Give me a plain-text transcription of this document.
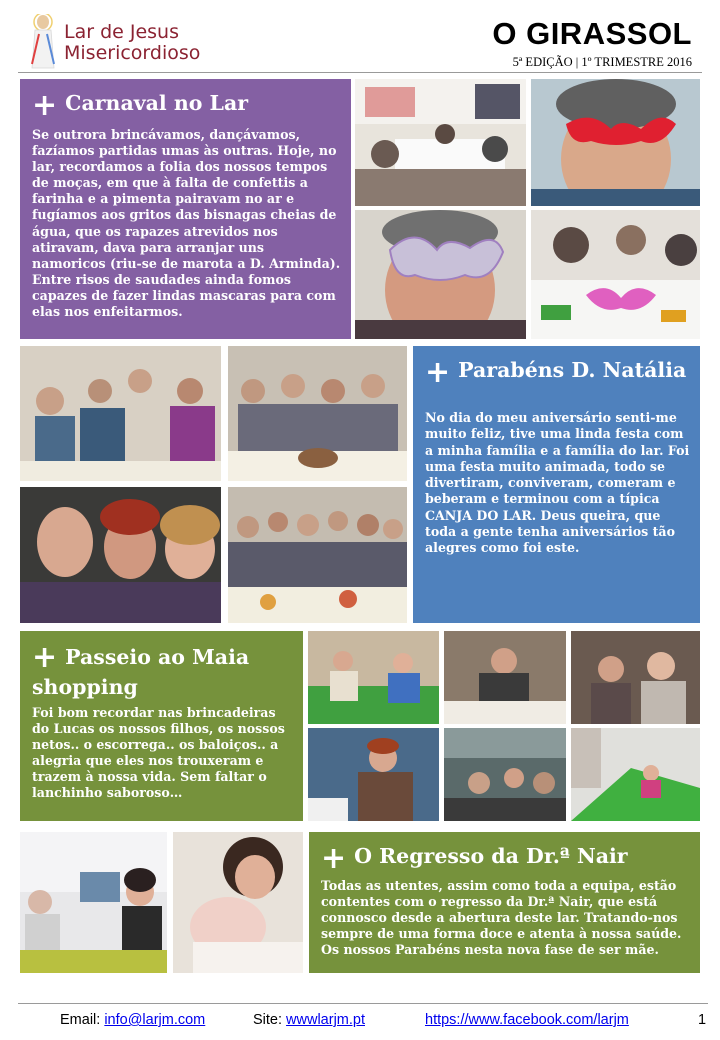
Lar de Jesus
Misericordioso
O GIRASSOL
5ª EDIÇÃO | 1º TRIMESTRE 2016
+ Carnaval no Lar
Se outrora brincávamos, dançávamos, fazíamos partidas umas às outras. Hoje, no lar, recordamos a folia dos nossos tempos de moças, em que à falta de confettis a farinha e a pimenta pairavam no ar e fugíamos aos gritos das bisnagas cheias de água, que os rapazes atrevidos nos atiravam, dava para arranjar uns namoricos (riu-se de marota a D. Arminda). Entre risos de saudades ainda fomos capazes de fazer lindas mascaras para com elas nos enfeitarmos.
+ Parabéns D. Natália
No dia do meu aniversário senti-me muito feliz, tive uma linda festa com a minha família e a família do lar. Foi uma festa muito animada, todo se divertiram, conviveram, comeram e beberam e terminou com a típica CANJA DO LAR. Deus queira, que toda a gente tenha aniversários tão alegres como foi este.
+ Passeio ao Maia shopping
Foi bom recordar nas brincadeiras do Lucas os nossos filhos, os nossos netos.. o escorrega.. os baloiços.. a alegria que eles nos trouxeram e trazem à nossa vida. Sem faltar o lanchinho saboroso…
+ O Regresso da Dr.ª Nair
Todas as utentes, assim como toda a equipa, estão contentes com o regresso da Dr.ª Nair, que está connosco desde a abertura deste lar. Tratando-nos sempre de uma forma doce e atenta à nossa saúde. Os nossos Parabéns nesta nova fase de ser mãe.
Email: info@larjm.com	Site: wwwlarjm.pt	https://www.facebook.com/larjm	1
